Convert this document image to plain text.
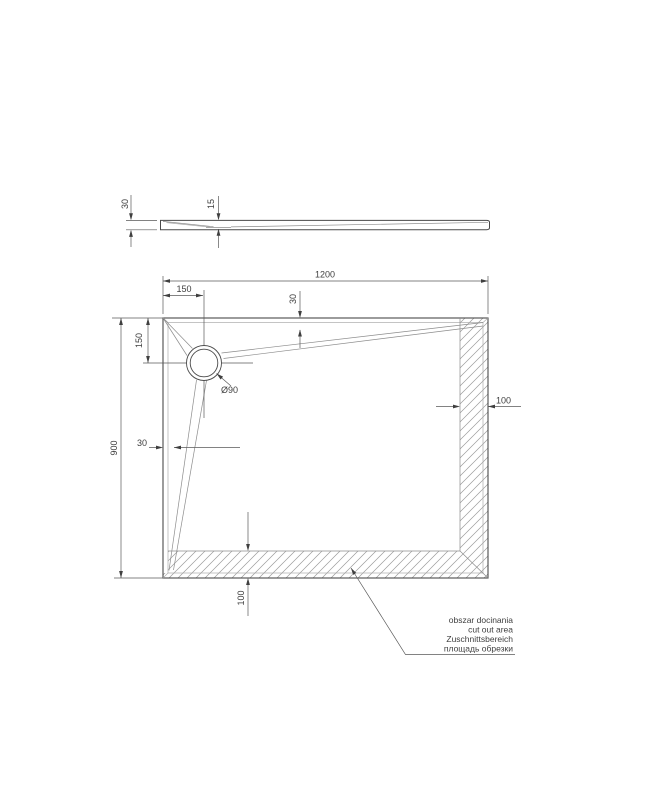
30	15
1200
150
30
150
900 30
100
100
Ø90
obszar docinania
cut out area
Zuschnittsbereich
площадь обрезки
